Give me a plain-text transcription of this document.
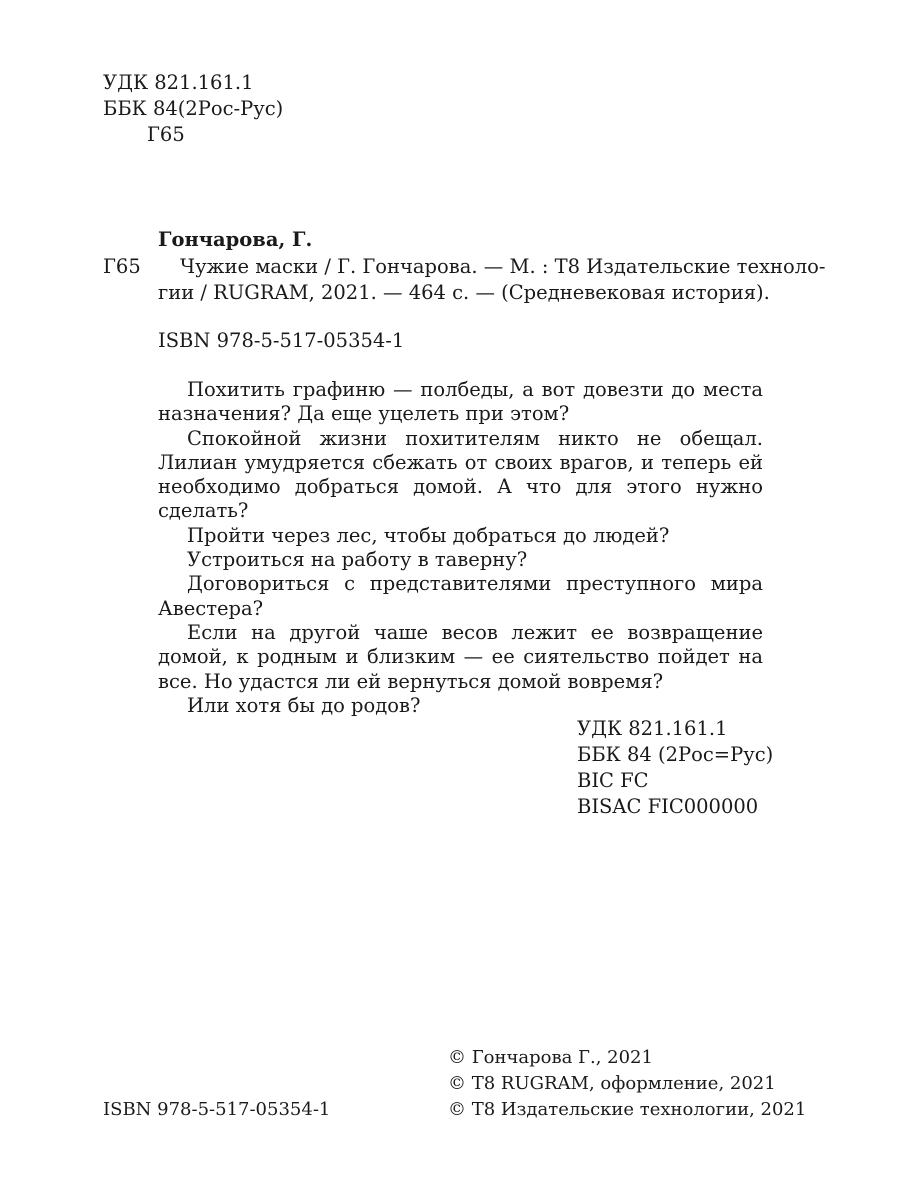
УДК 821.161.1
ББК 84(2Рос-Рус)
Г65
Гончарова, Г.
Г65	Чужие маски / Г. Гончарова. — М. : Т8 Издательские техноло-
гии / RUGRAM, 2021. — 464 с. — (Средневековая история).
ISBN 978-5-517-05354-1

Похитить графиню — полбеды, а вот довезти до места назначения? Да еще уцелеть при этом?

Спокойной жизни похитителям никто не обещал. Лилиан умудряется сбежать от своих врагов, и теперь ей необходимо добраться домой. А что для этого нужно сделать?

Пройти через лес, чтобы добраться до людей?

Устроиться на работу в таверну?

Договориться с представителями преступного мира Авестера?

Если на другой чаше весов лежит ее возвращение домой, к родным и близким — ее сиятельство пойдет на все. Но удастся ли ей вернуться домой вовремя?

Или хотя бы до родов?

УДК 821.161.1
ББК 84 (2Рос=Рус)
BIC FC
BISAC FIC000000
ISBN 978-5-517-05354-1
© Гончарова Г., 2021
© T8 RUGRAM, оформление, 2021
© Т8 Издательские технологии, 2021
